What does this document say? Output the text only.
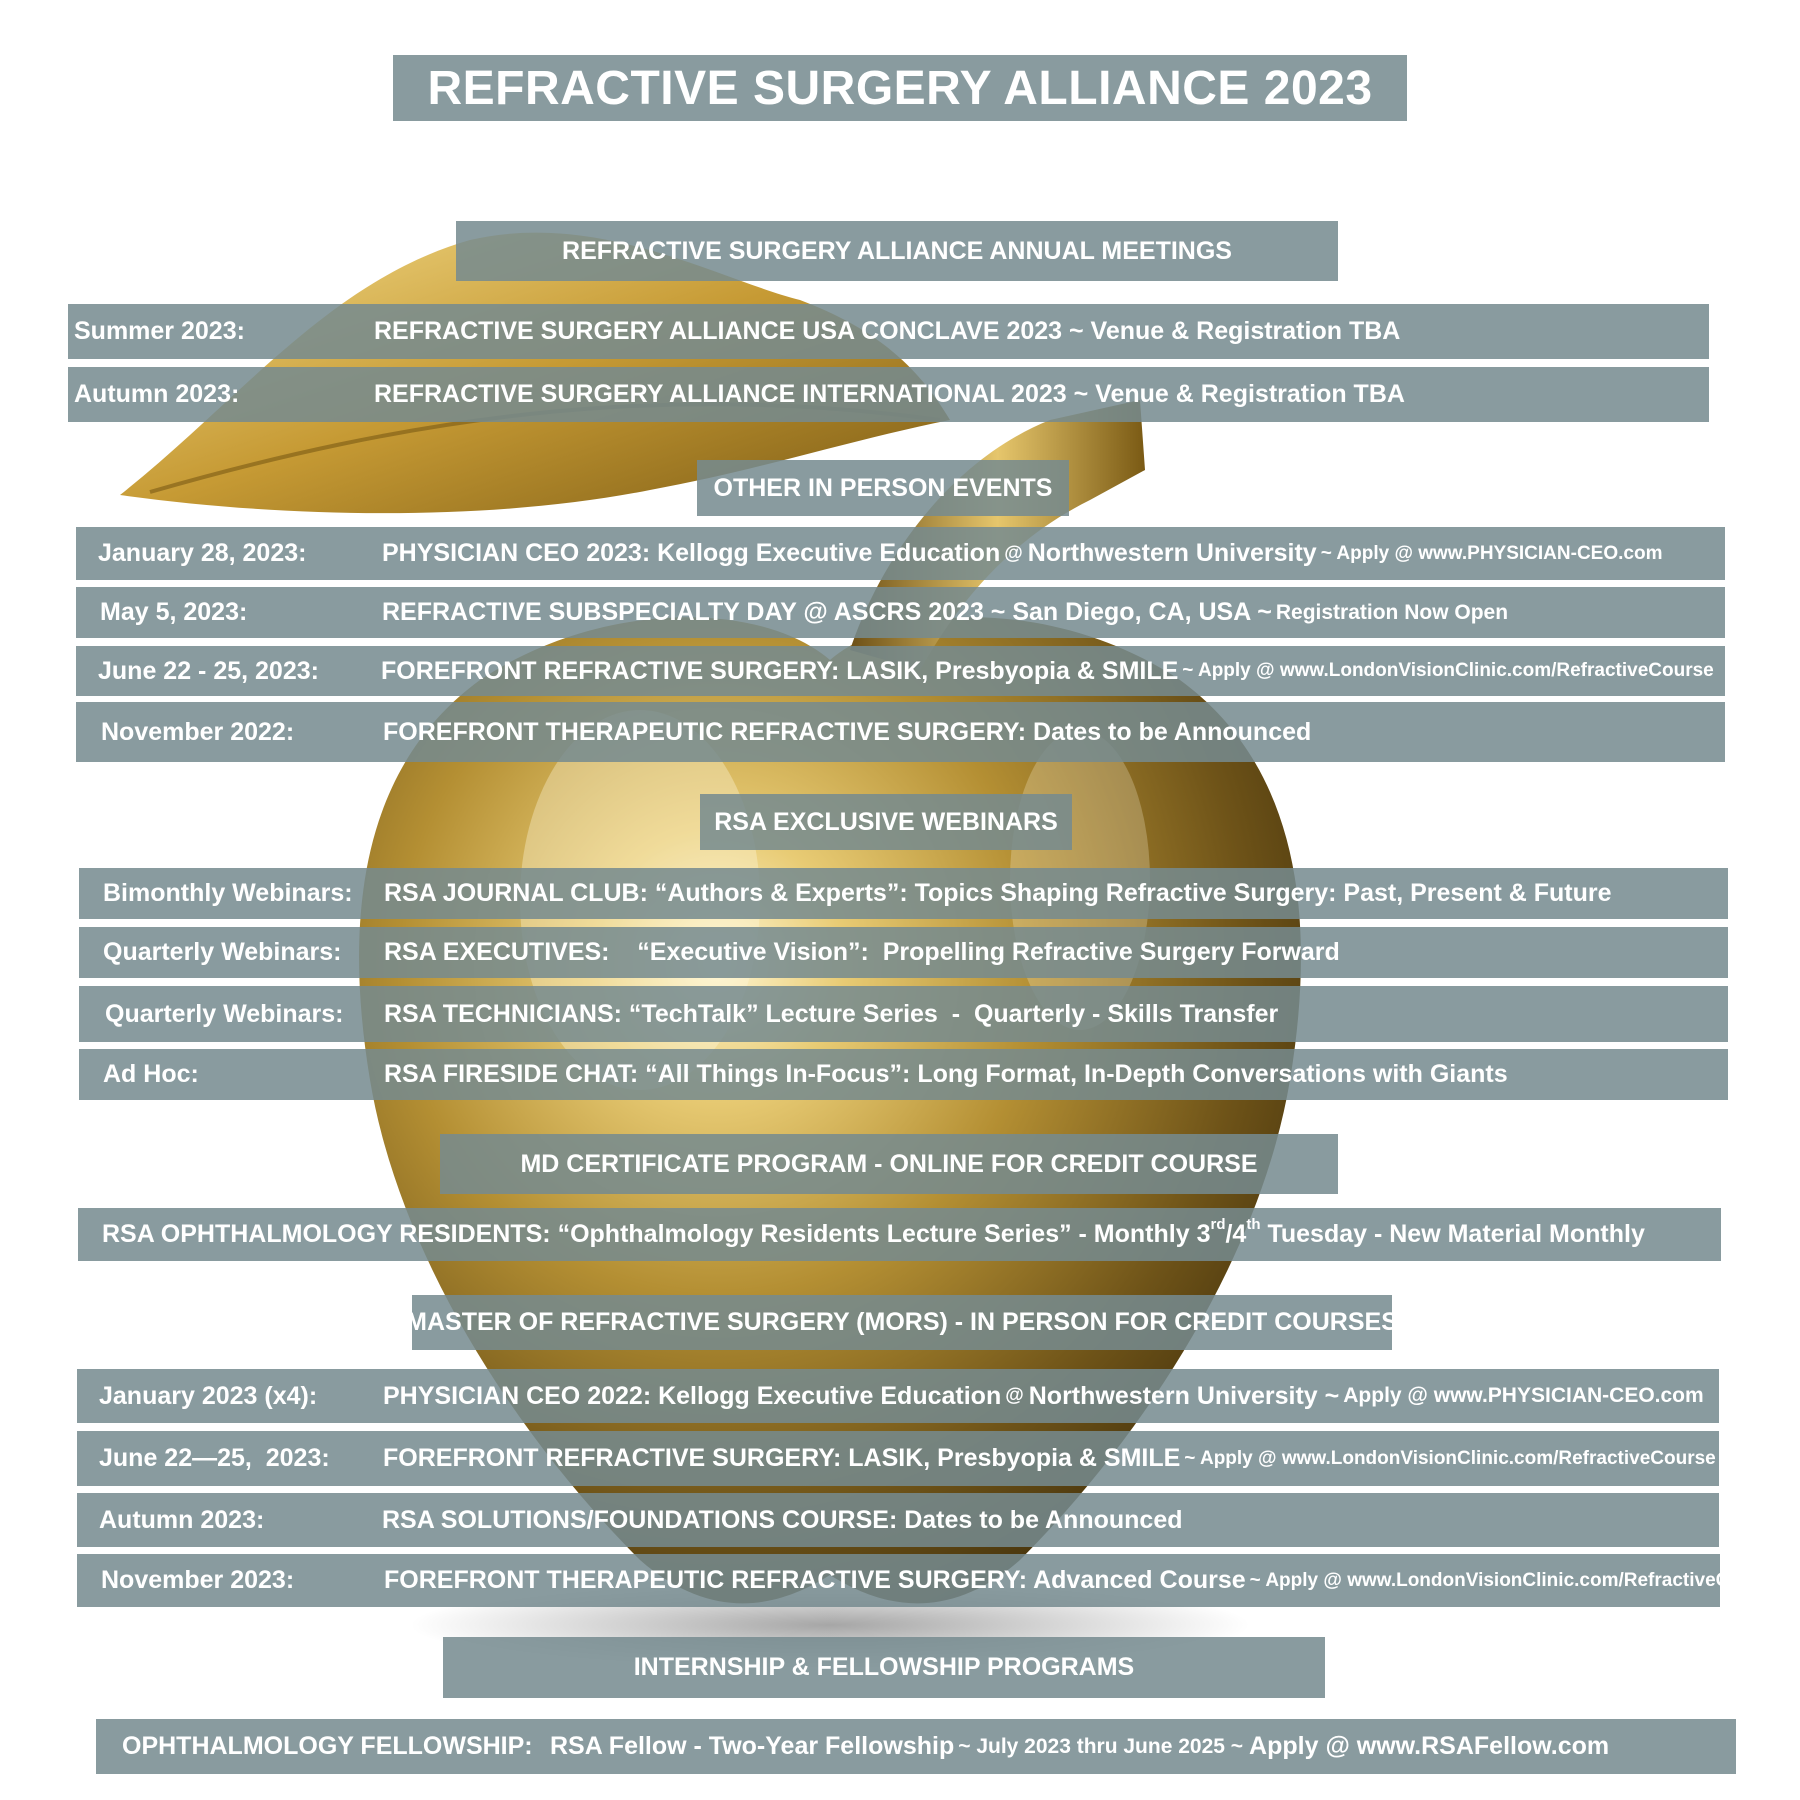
REFRACTIVE SURGERY ALLIANCE 2023
REFRACTIVE SURGERY ALLIANCE ANNUAL MEETINGS
Summer 2023:	REFRACTIVE SURGERY ALLIANCE USA CONCLAVE 2023 ~ Venue & Registration TBA
Autumn 2023:	REFRACTIVE SURGERY ALLIANCE INTERNATIONAL 2023 ~ Venue & Registration TBA
OTHER IN PERSON EVENTS
January 28, 2023:	PHYSICIAN CEO 2023: Kellogg Executive Education @ Northwestern University ~ Apply @ www.PHYSICIAN-CEO.com
May 5, 2023:	REFRACTIVE SUBSPECIALTY DAY @ ASCRS 2023 ~ San Diego, CA, USA ~ Registration Now Open
June 22 - 25, 2023: FOREFRONT REFRACTIVE SURGERY: LASIK, Presbyopia & SMILE ~ Apply @ www.LondonVisionClinic.com/RefractiveCourse
November 2022:	FOREFRONT THERAPEUTIC REFRACTIVE SURGERY: Dates to be Announced
RSA EXCLUSIVE WEBINARS
Bimonthly Webinars: RSA JOURNAL CLUB: “Authors & Experts”: Topics Shaping Refractive Surgery: Past, Present & Future
Quarterly Webinars: RSA EXECUTIVES:    “Executive Vision”:  Propelling Refractive Surgery Forward
Quarterly Webinars: RSA TECHNICIANS: “TechTalk” Lecture Series  -  Quarterly - Skills Transfer
Ad Hoc:	RSA FIRESIDE CHAT: “All Things In-Focus”: Long Format, In-Depth Conversations with Giants
MD CERTIFICATE PROGRAM - ONLINE FOR CREDIT COURSE
RSA OPHTHALMOLOGY RESIDENTS: “Ophthalmology Residents Lecture Series” - Monthly 3rd /4th Tuesday - New Material Monthly
MASTER OF REFRACTIVE SURGERY (MORS) - IN PERSON FOR CREDIT COURSES
January 2023 (x4):	PHYSICIAN CEO 2022: Kellogg Executive Education @ Northwestern University ~ Apply @ www.PHYSICIAN-CEO.com
June 22—25,  2023: FOREFRONT REFRACTIVE SURGERY: LASIK, Presbyopia & SMILE ~ Apply @ www.LondonVisionClinic.com/RefractiveCourse
Autumn 2023:	RSA SOLUTIONS/FOUNDATIONS COURSE: Dates to be Announced
November 2023:	FOREFRONT THERAPEUTIC REFRACTIVE SURGERY: Advanced Course ~ Apply @ www.LondonVisionClinic.com/RefractiveCourse
INTERNSHIP & FELLOWSHIP PROGRAMS
OPHTHALMOLOGY FELLOWSHIP: RSA Fellow - Two-Year Fellowship ~ July 2023 thru June 2025 ~ Apply @ www.RSAFellow.com
